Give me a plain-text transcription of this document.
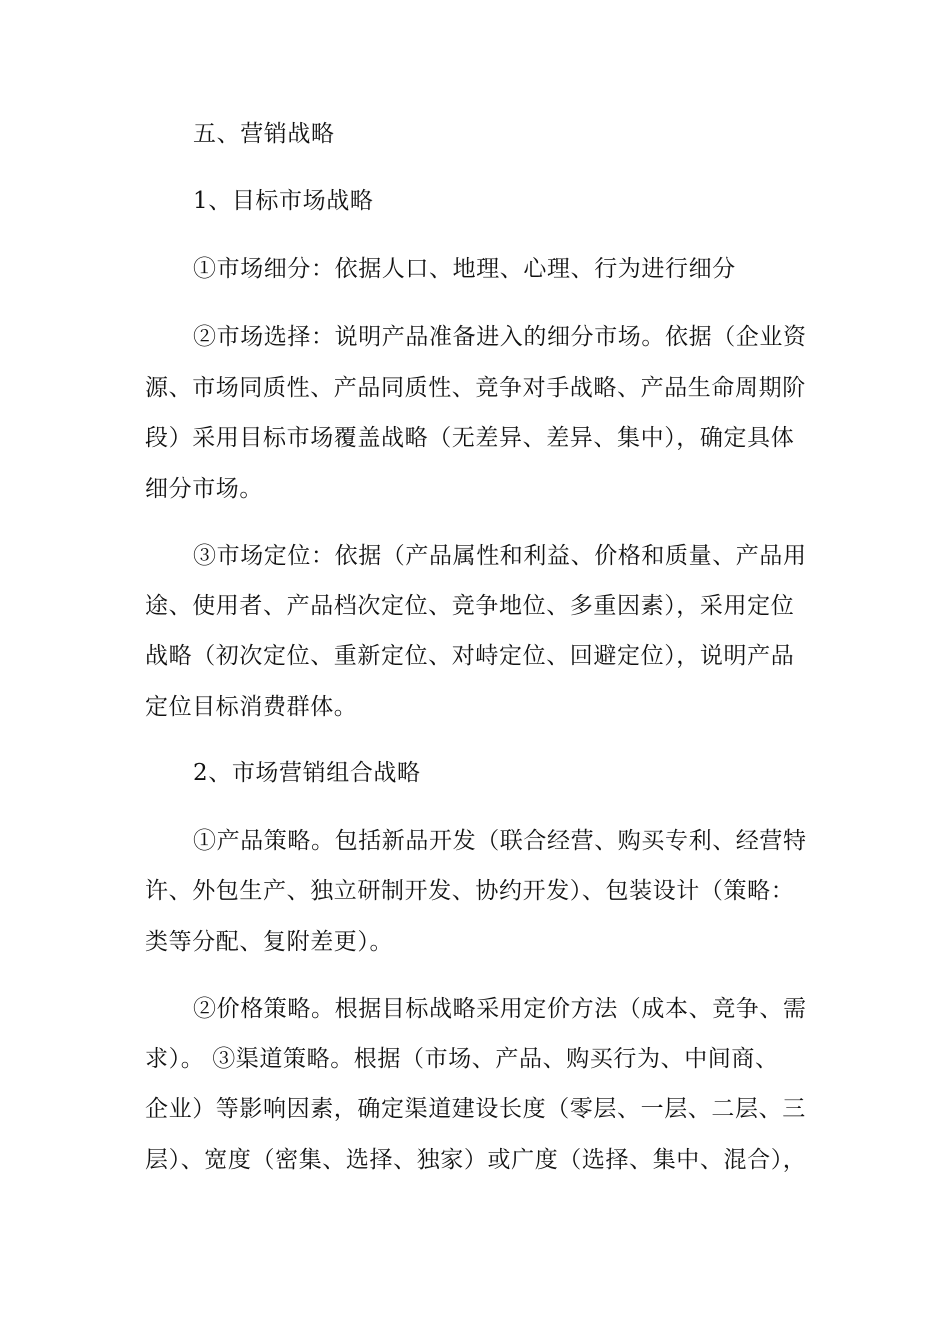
五、营销战略
1、目标市场战略
①市场细分：依据人口、地理、心理、行为进行细分
②市场选择：说明产品准备进入的细分市场。依据（企业资
源、市场同质性、产品同质性、竞争对手战略、产品生命周期阶
段）采用目标市场覆盖战略（无差异、差异、集中），确定具体
细分市场。
③市场定位：依据（产品属性和利益、价格和质量、产品用
途、使用者、产品档次定位、竞争地位、多重因素），采用定位
战略（初次定位、重新定位、对峙定位、回避定位），说明产品
定位目标消费群体。
2、市场营销组合战略
①产品策略。包括新品开发（联合经营、购买专利、经营特
许、外包生产、独立研制开发、协约开发）、包装设计（策略：
类等分配、复附差更）。
②价格策略。根据目标战略采用定价方法（成本、竞争、需
求）。 ③渠道策略。根据（市场、产品、购买行为、中间商、
企业）等影响因素，确定渠道建设长度（零层、一层、二层、三
层）、宽度（密集、选择、独家）或广度（选择、集中、混合），
